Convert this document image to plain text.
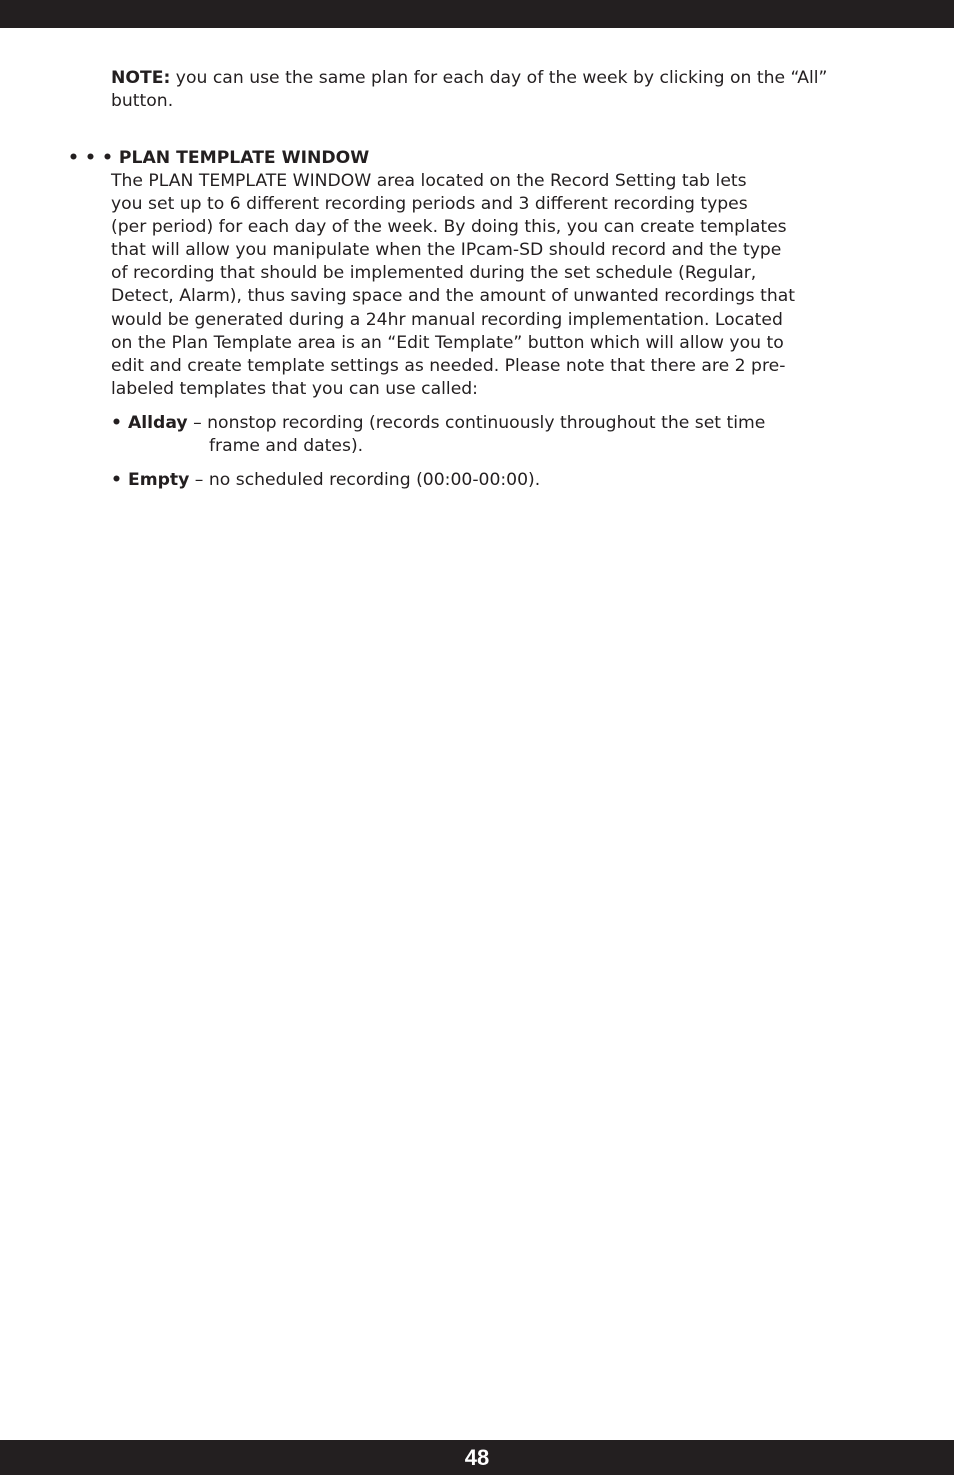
NOTE: you can use the same plan for each day of the week by clicking on the “All” button.

• • • PLAN TEMPLATE WINDOW
The PLAN TEMPLATE WINDOW area located on the Record Setting tab lets
you set up to 6 different recording periods and 3 different recording types
(per period) for each day of the week. By doing this, you can create templates
that will allow you manipulate when the IPcam-SD should record and the type
of recording that should be implemented during the set schedule (Regular,
Detect, Alarm), thus saving space and the amount of unwanted recordings that
would be generated during a 24hr manual recording implementation. Located
on the Plan Template area is an “Edit Template” button which will allow you to
edit and create template settings as needed. Please note that there are 2 pre-
labeled templates that you can use called:
• Allday – nonstop recording (records continuously throughout the set time
frame and dates).
• Empty – no scheduled recording (00:00-00:00).
48
